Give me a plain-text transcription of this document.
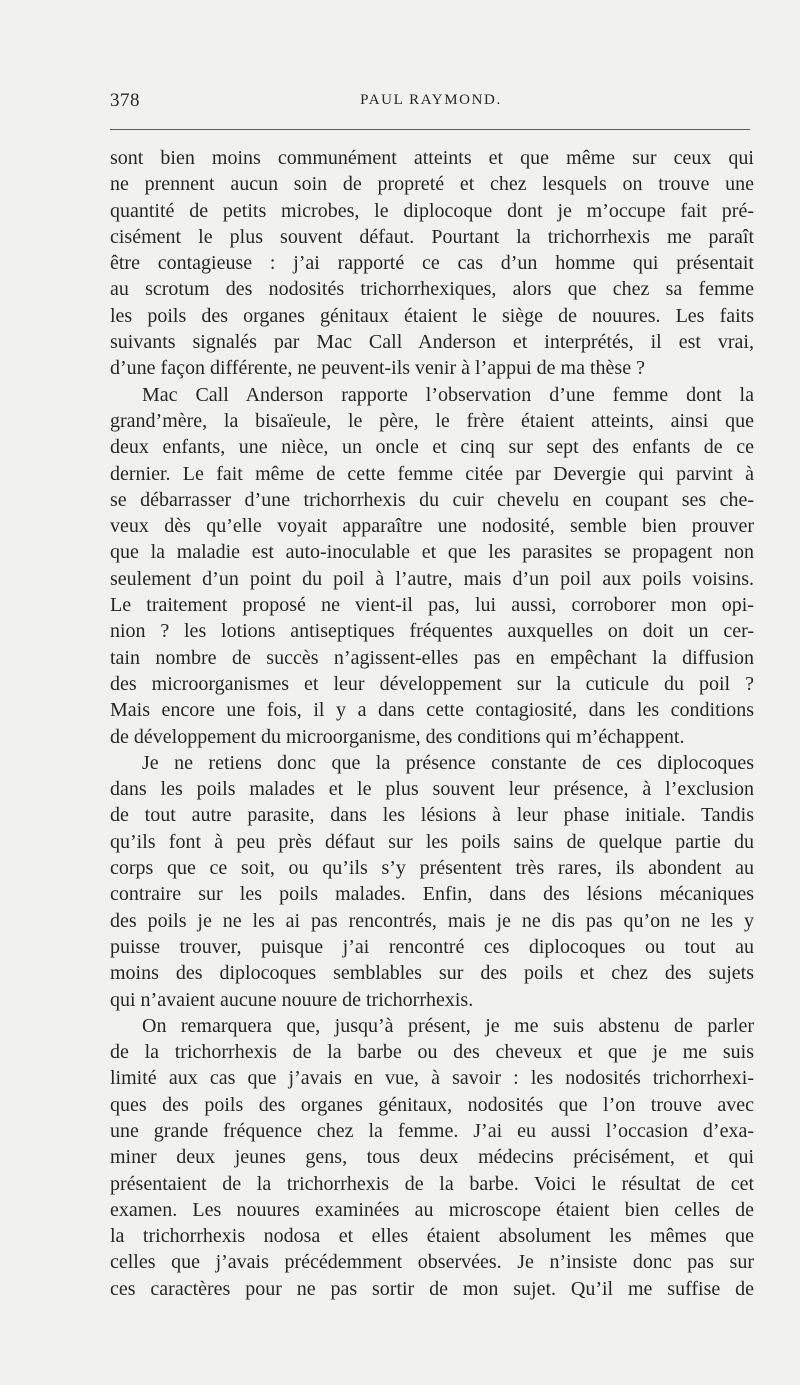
378	PAUL RAYMOND.
sont bien moins communément atteints et que même sur ceux qui
ne prennent aucun soin de propreté et chez lesquels on trouve une
quantité de petits microbes, le diplocoque dont je m’occupe fait pré-
cisément le plus souvent défaut. Pourtant la trichorrhexis me paraît
être contagieuse : j’ai rapporté ce cas d’un homme qui présentait
au scrotum des nodosités trichorrhexiques, alors que chez sa femme
les poils des organes génitaux étaient le siège de nouures. Les faits
suivants signalés par Mac Call Anderson et interprétés, il est vrai,
d’une façon différente, ne peuvent-ils venir à l’appui de ma thèse ?
Mac Call Anderson rapporte l’observation d’une femme dont la
grand’mère, la bisaïeule, le père, le frère étaient atteints, ainsi que
deux enfants, une nièce, un oncle et cinq sur sept des enfants de ce
dernier. Le fait même de cette femme citée par Devergie qui parvint à
se débarrasser d’une trichorrhexis du cuir chevelu en coupant ses che-
veux dès qu’elle voyait apparaître une nodosité, semble bien prouver
que la maladie est auto-inoculable et que les parasites se propagent non
seulement d’un point du poil à l’autre, mais d’un poil aux poils voisins.
Le traitement proposé ne vient-il pas, lui aussi, corroborer mon opi-
nion ? les lotions antiseptiques fréquentes auxquelles on doit un cer-
tain nombre de succès n’agissent-elles pas en empêchant la diffusion
des microorganismes et leur développement sur la cuticule du poil ?
Mais encore une fois, il y a dans cette contagiosité, dans les conditions
de développement du microorganisme, des conditions qui m’échappent.
Je ne retiens donc que la présence constante de ces diplocoques
dans les poils malades et le plus souvent leur présence, à l’exclusion
de tout autre parasite, dans les lésions à leur phase initiale. Tandis
qu’ils font à peu près défaut sur les poils sains de quelque partie du
corps que ce soit, ou qu’ils s’y présentent très rares, ils abondent au
contraire sur les poils malades. Enfin, dans des lésions mécaniques
des poils je ne les ai pas rencontrés, mais je ne dis pas qu’on ne les y
puisse trouver, puisque j’ai rencontré ces diplocoques ou tout au
moins des diplocoques semblables sur des poils et chez des sujets
qui n’avaient aucune nouure de trichorrhexis.
On remarquera que, jusqu’à présent, je me suis abstenu de parler
de la trichorrhexis de la barbe ou des cheveux et que je me suis
limité aux cas que j’avais en vue, à savoir : les nodosités trichorrhexi-
ques des poils des organes génitaux, nodosités que l’on trouve avec
une grande fréquence chez la femme. J’ai eu aussi l’occasion d’exa-
miner deux jeunes gens, tous deux médecins précisément, et qui
présentaient de la trichorrhexis de la barbe. Voici le résultat de cet
examen. Les nouures examinées au microscope étaient bien celles de
la trichorrhexis nodosa et elles étaient absolument les mêmes que
celles que j’avais précédemment observées. Je n’insiste donc pas sur
ces caractères pour ne pas sortir de mon sujet. Qu’il me suffise de
